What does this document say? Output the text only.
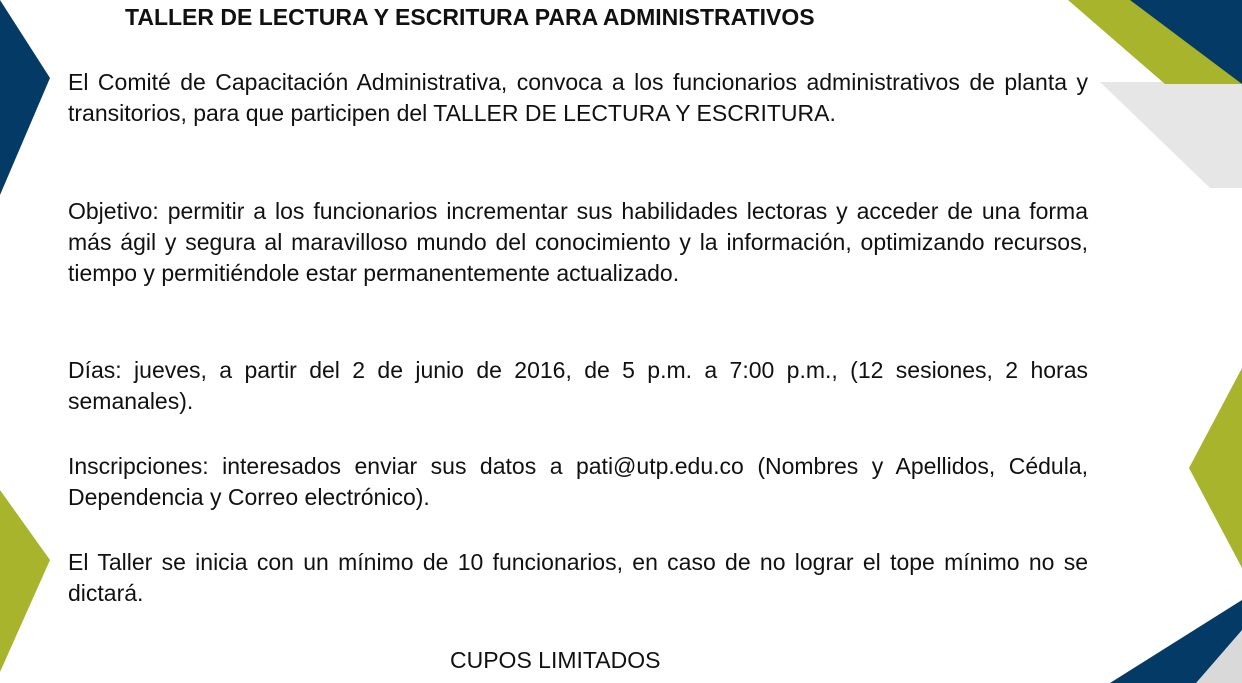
TALLER DE LECTURA Y ESCRITURA PARA ADMINISTRATIVOS
El Comité de Capacitación Administrativa, convoca a los funcionarios administrativos de planta y transitorios, para que participen del TALLER DE LECTURA Y ESCRITURA.
Objetivo: permitir a los funcionarios incrementar sus habilidades lectoras y acceder de una forma más ágil y segura al maravilloso mundo del conocimiento y la información, optimizando recursos, tiempo y permitiéndole estar permanentemente actualizado.
Días: jueves, a partir del 2 de junio de 2016, de 5 p.m. a 7:00 p.m., (12 sesiones, 2 horas semanales).
Inscripciones: interesados enviar sus datos a pati@utp.edu.co (Nombres y Apellidos, Cédula, Dependencia y Correo electrónico).
El Taller se inicia con un mínimo de 10 funcionarios, en caso de no lograr el tope mínimo no se dictará.
CUPOS LIMITADOS
